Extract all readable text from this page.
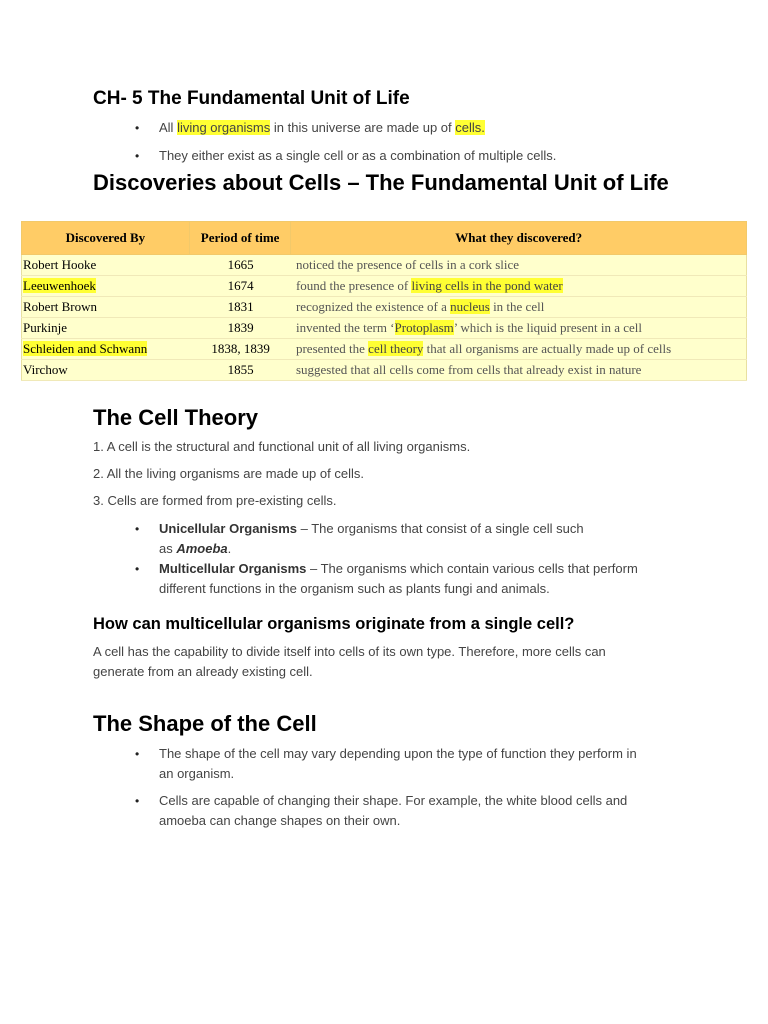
CH- 5 The Fundamental Unit of Life
• All living organisms in this universe are made up of cells.
• They either exist as a single cell or as a combination of multiple cells.
Discoveries about Cells – The Fundamental Unit of Life
Discovered By	Period of time	What they discovered?
Robert Hooke	1665	noticed the presence of cells in a cork slice
Leeuwenhoek	1674	found the presence of living cells in the pond water
Robert Brown	1831	recognized the existence of a nucleus in the cell
Purkinje	1839	invented the term ‘Protoplasm’ which is the liquid present in a cell
Schleiden and Schwann	1838, 1839	presented the cell theory that all organisms are actually made up of cells
Virchow	1855	suggested that all cells come from cells that already exist in nature
The Cell Theory
1. A cell is the structural and functional unit of all living organisms.
2. All the living organisms are made up of cells.
3. Cells are formed from pre-existing cells.
• Unicellular Organisms – The organisms that consist of a single cell such
as Amoeba.
• Multicellular Organisms – The organisms which contain various cells that perform
different functions in the organism such as plants fungi and animals.
How can multicellular organisms originate from a single cell?
A cell has the capability to divide itself into cells of its own type. Therefore, more cells can
generate from an already existing cell.
The Shape of the Cell
• The shape of the cell may vary depending upon the type of function they perform in
an organism.
• Cells are capable of changing their shape. For example, the white blood cells and
amoeba can change shapes on their own.
